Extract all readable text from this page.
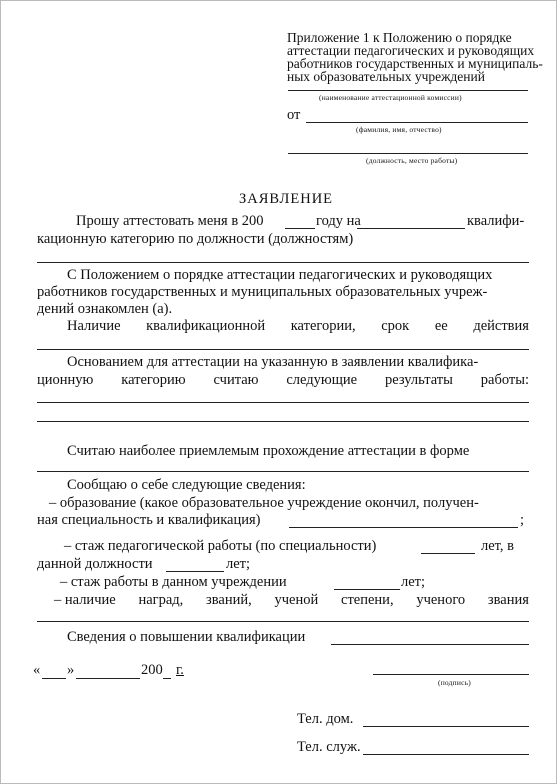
Приложение 1 к Положению о порядке
аттестации педагогических и руководящих
работников государственных и муниципаль-
ных образовательных учреждений
(наименование аттестационной комиссии)
от
(фамилия, имя, отчество)
(должность, место работы)
ЗАЯВЛЕНИЕ
Прошу аттестовать меня в 200	году на	квалифи-
кационную категорию по должности (должностям)
С Положением о порядке аттестации педагогических и руководящих
работников государственных и муниципальных образовательных учреж-
дений ознакомлен (а).
Наличие квалификационной категории, срок ее действия
Основанием для аттестации на указанную в заявлении квалифика-
ционную категорию считаю следующие результаты работы:
Считаю наиболее приемлемым прохождение аттестации в форме
Сообщаю о себе следующие сведения:
– образование (какое образовательное учреждение окончил, получен-
ная специальность и квалификация)	;
– стаж педагогической работы (по специальности)	лет, в
данной должности	лет;
– стаж работы в данном учреждении	лет;
– наличие наград, званий, ученой степени, ученого звания
Сведения о повышении квалификации
« »	200 г.
(подпись)
Тел. дом.
Тел. служ.
